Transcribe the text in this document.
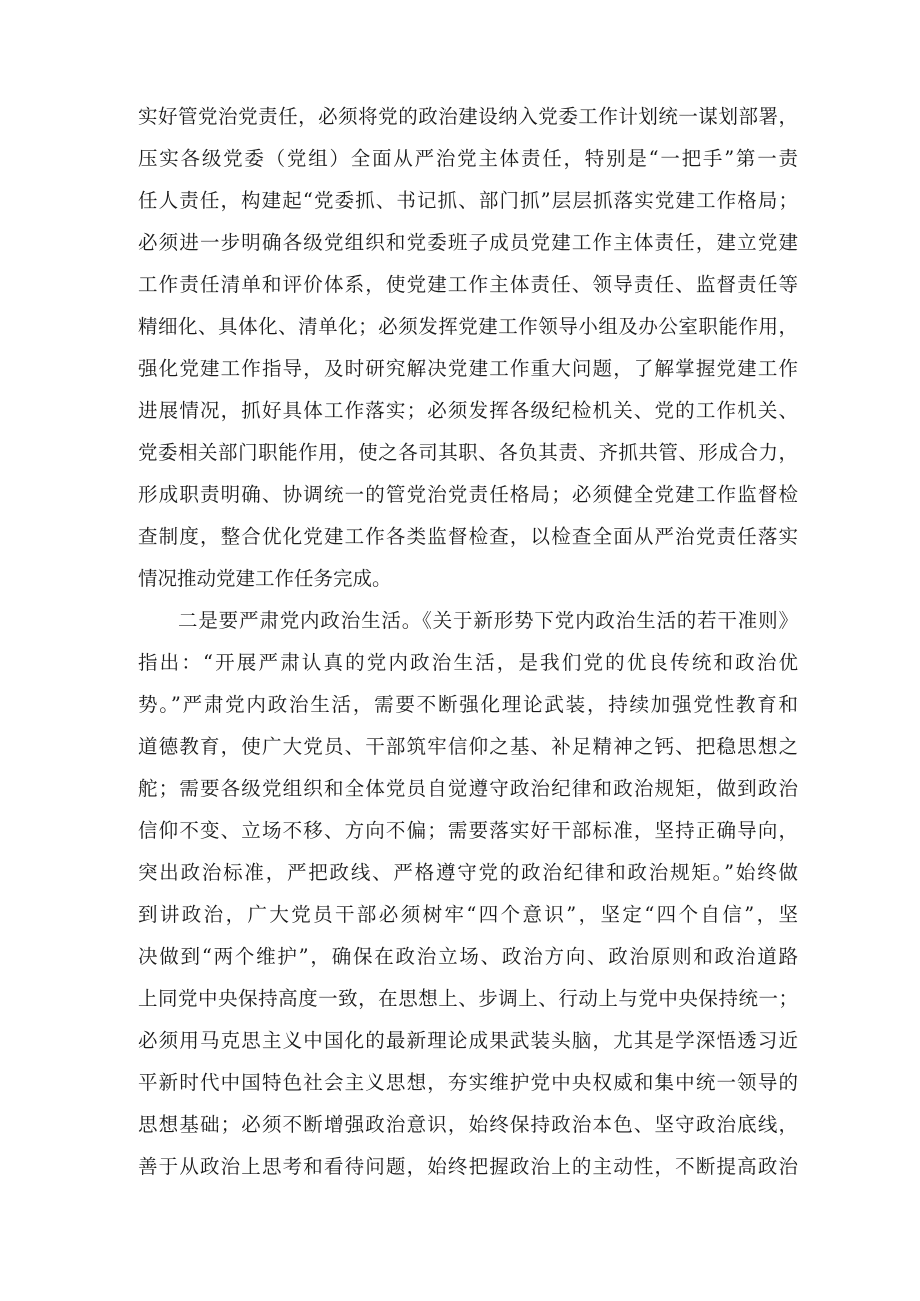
实好管党治党责任，必须将党的政治建设纳入党委工作计划统一谋划部署，
压实各级党委（党组）全面从严治党主体责任，特别是“一把手”第一责
任人责任，构建起“党委抓、书记抓、部门抓”层层抓落实党建工作格局；
必须进一步明确各级党组织和党委班子成员党建工作主体责任，建立党建
工作责任清单和评价体系，使党建工作主体责任、领导责任、监督责任等
精细化、具体化、清单化；必须发挥党建工作领导小组及办公室职能作用，
强化党建工作指导，及时研究解决党建工作重大问题，了解掌握党建工作
进展情况，抓好具体工作落实；必须发挥各级纪检机关、党的工作机关、
党委相关部门职能作用，使之各司其职、各负其责、齐抓共管、形成合力，
形成职责明确、协调统一的管党治党责任格局；必须健全党建工作监督检
查制度，整合优化党建工作各类监督检查，以检查全面从严治党责任落实
情况推动党建工作任务完成。
二是要严肃党内政治生活。《关于新形势下党内政治生活的若干准则》
指出：“开展严肃认真的党内政治生活，是我们党的优良传统和政治优
势。”严肃党内政治生活，需要不断强化理论武装，持续加强党性教育和
道德教育，使广大党员、干部筑牢信仰之基、补足精神之钙、把稳思想之
舵；需要各级党组织和全体党员自觉遵守政治纪律和政治规矩，做到政治
信仰不变、立场不移、方向不偏；需要落实好干部标准，坚持正确导向，
突出政治标准，严把政线、严格遵守党的政治纪律和政治规矩。”始终做
到讲政治，广大党员干部必须树牢“四个意识”，坚定“四个自信”，坚
决做到“两个维护”，确保在政治立场、政治方向、政治原则和政治道路
上同党中央保持高度一致，在思想上、步调上、行动上与党中央保持统一；
必须用马克思主义中国化的最新理论成果武装头脑，尤其是学深悟透习近
平新时代中国特色社会主义思想，夯实维护党中央权威和集中统一领导的
思想基础；必须不断增强政治意识，始终保持政治本色、坚守政治底线，
善于从政治上思考和看待问题，始终把握政治上的主动性，不断提高政治
